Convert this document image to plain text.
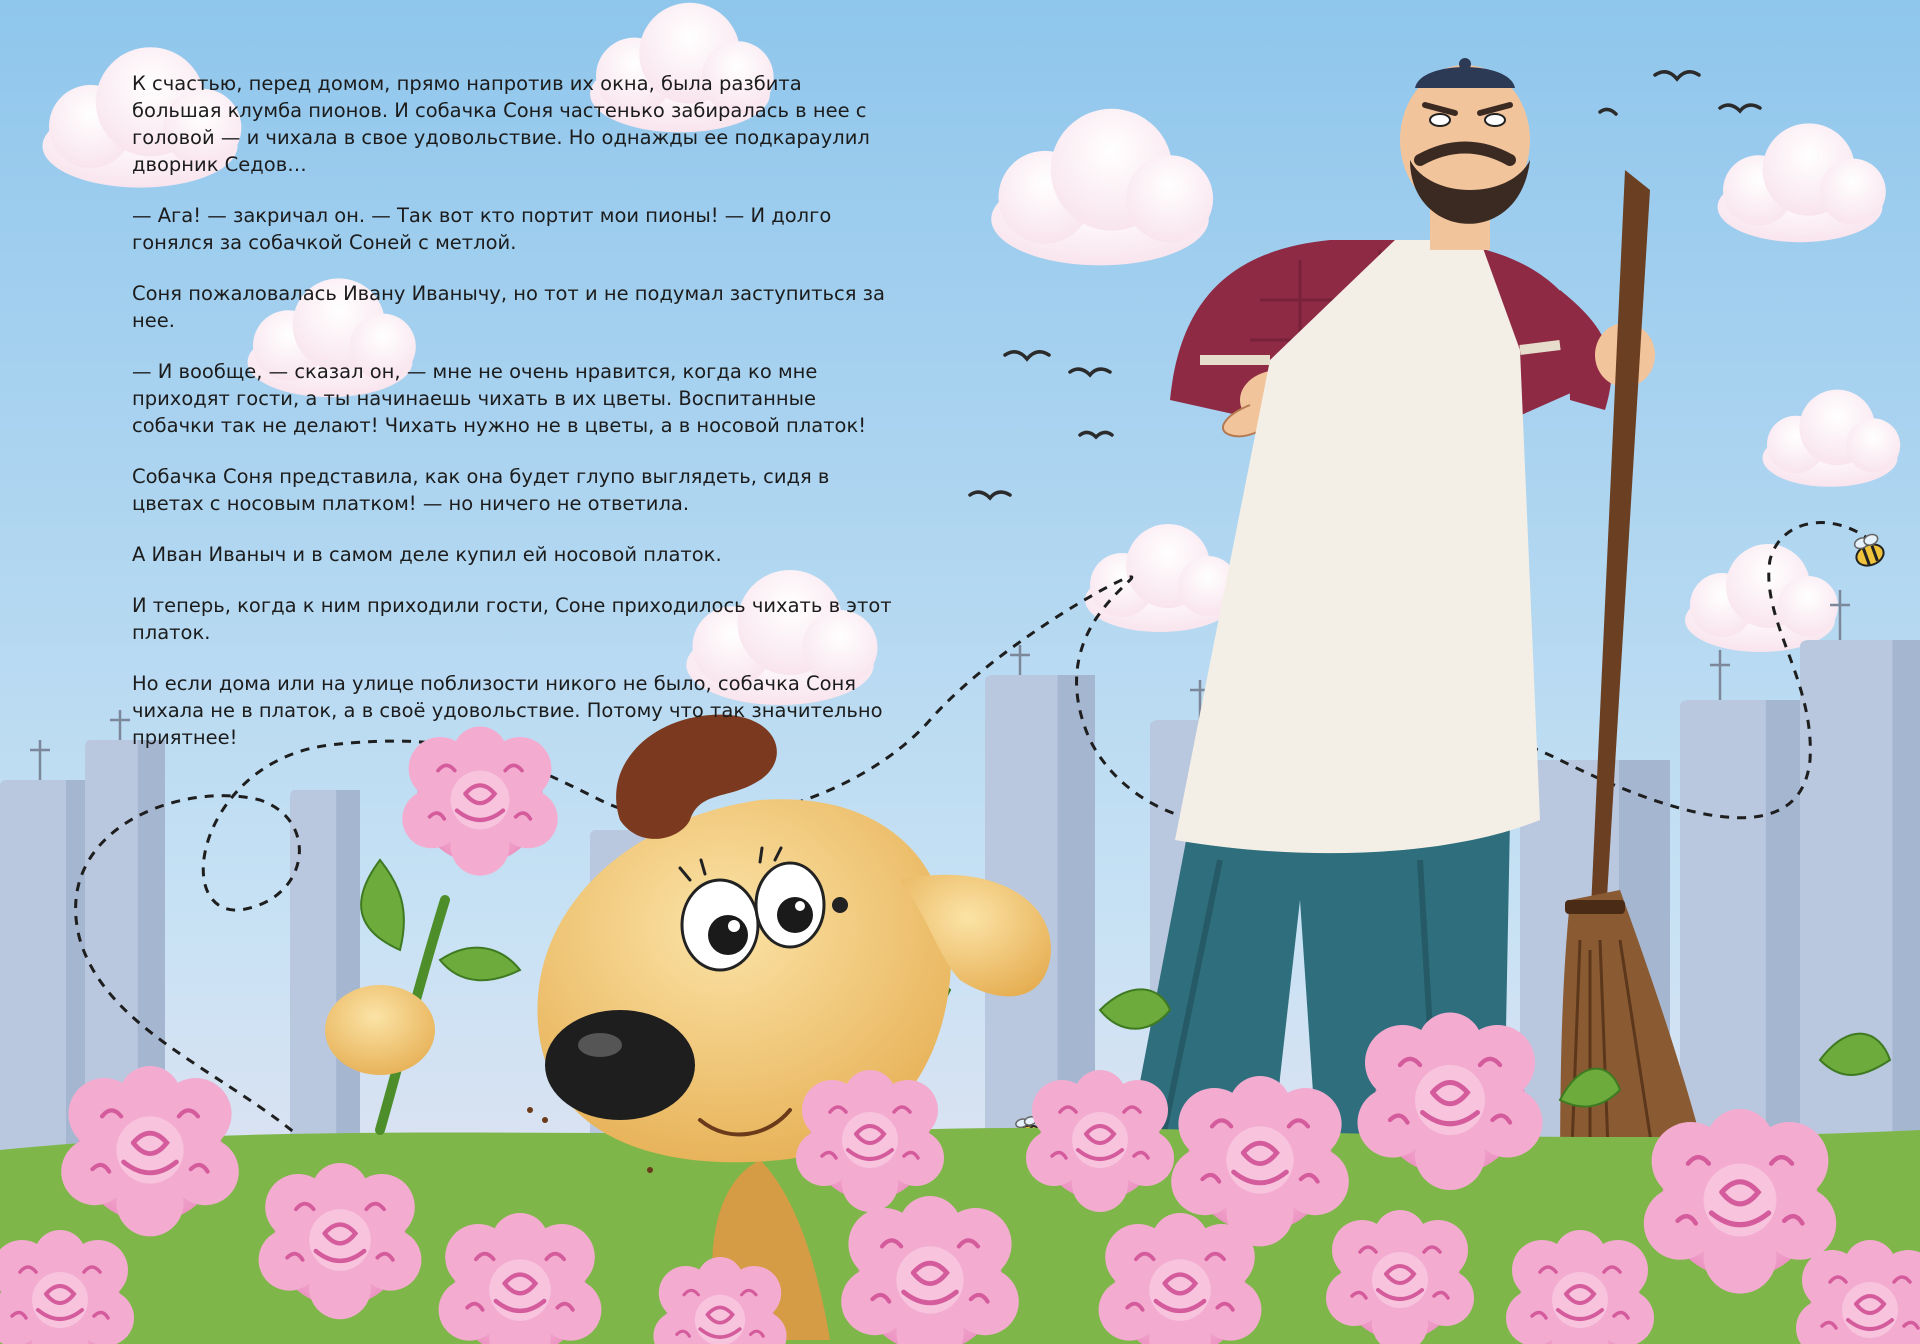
К счастью, перед домом, прямо напротив их окна, была разбита большая клумба пионов. И собачка Соня частенько забиралась в нее с головой — и чихала в свое удовольствие. Но однажды ее подкараулил дворник Седов…

— Ага! — закричал он. — Так вот кто портит мои пионы! — И долго гонялся за собачкой Соней с метлой.

Соня пожаловалась Ивану Иванычу, но тот и не подумал заступиться за нее.

— И вообще, — сказал он, — мне не очень нравится, когда ко мне приходят гости, а ты начинаешь чихать в их цветы. Воспитанные собачки так не делают! Чихать нужно не в цветы, а в носовой платок!

Собачка Соня представила, как она будет глупо выглядеть, сидя в цветах с носовым платком! — но ничего не ответила.

А Иван Иваныч и в самом деле купил ей носовой платок.

И теперь, когда к ним приходили гости, Соне приходилось чихать в этот платок.

Но если дома или на улице поблизости никого не было, собачка Соня чихала не в платок, а в своё удовольствие. Потому что так значительно приятнее!
